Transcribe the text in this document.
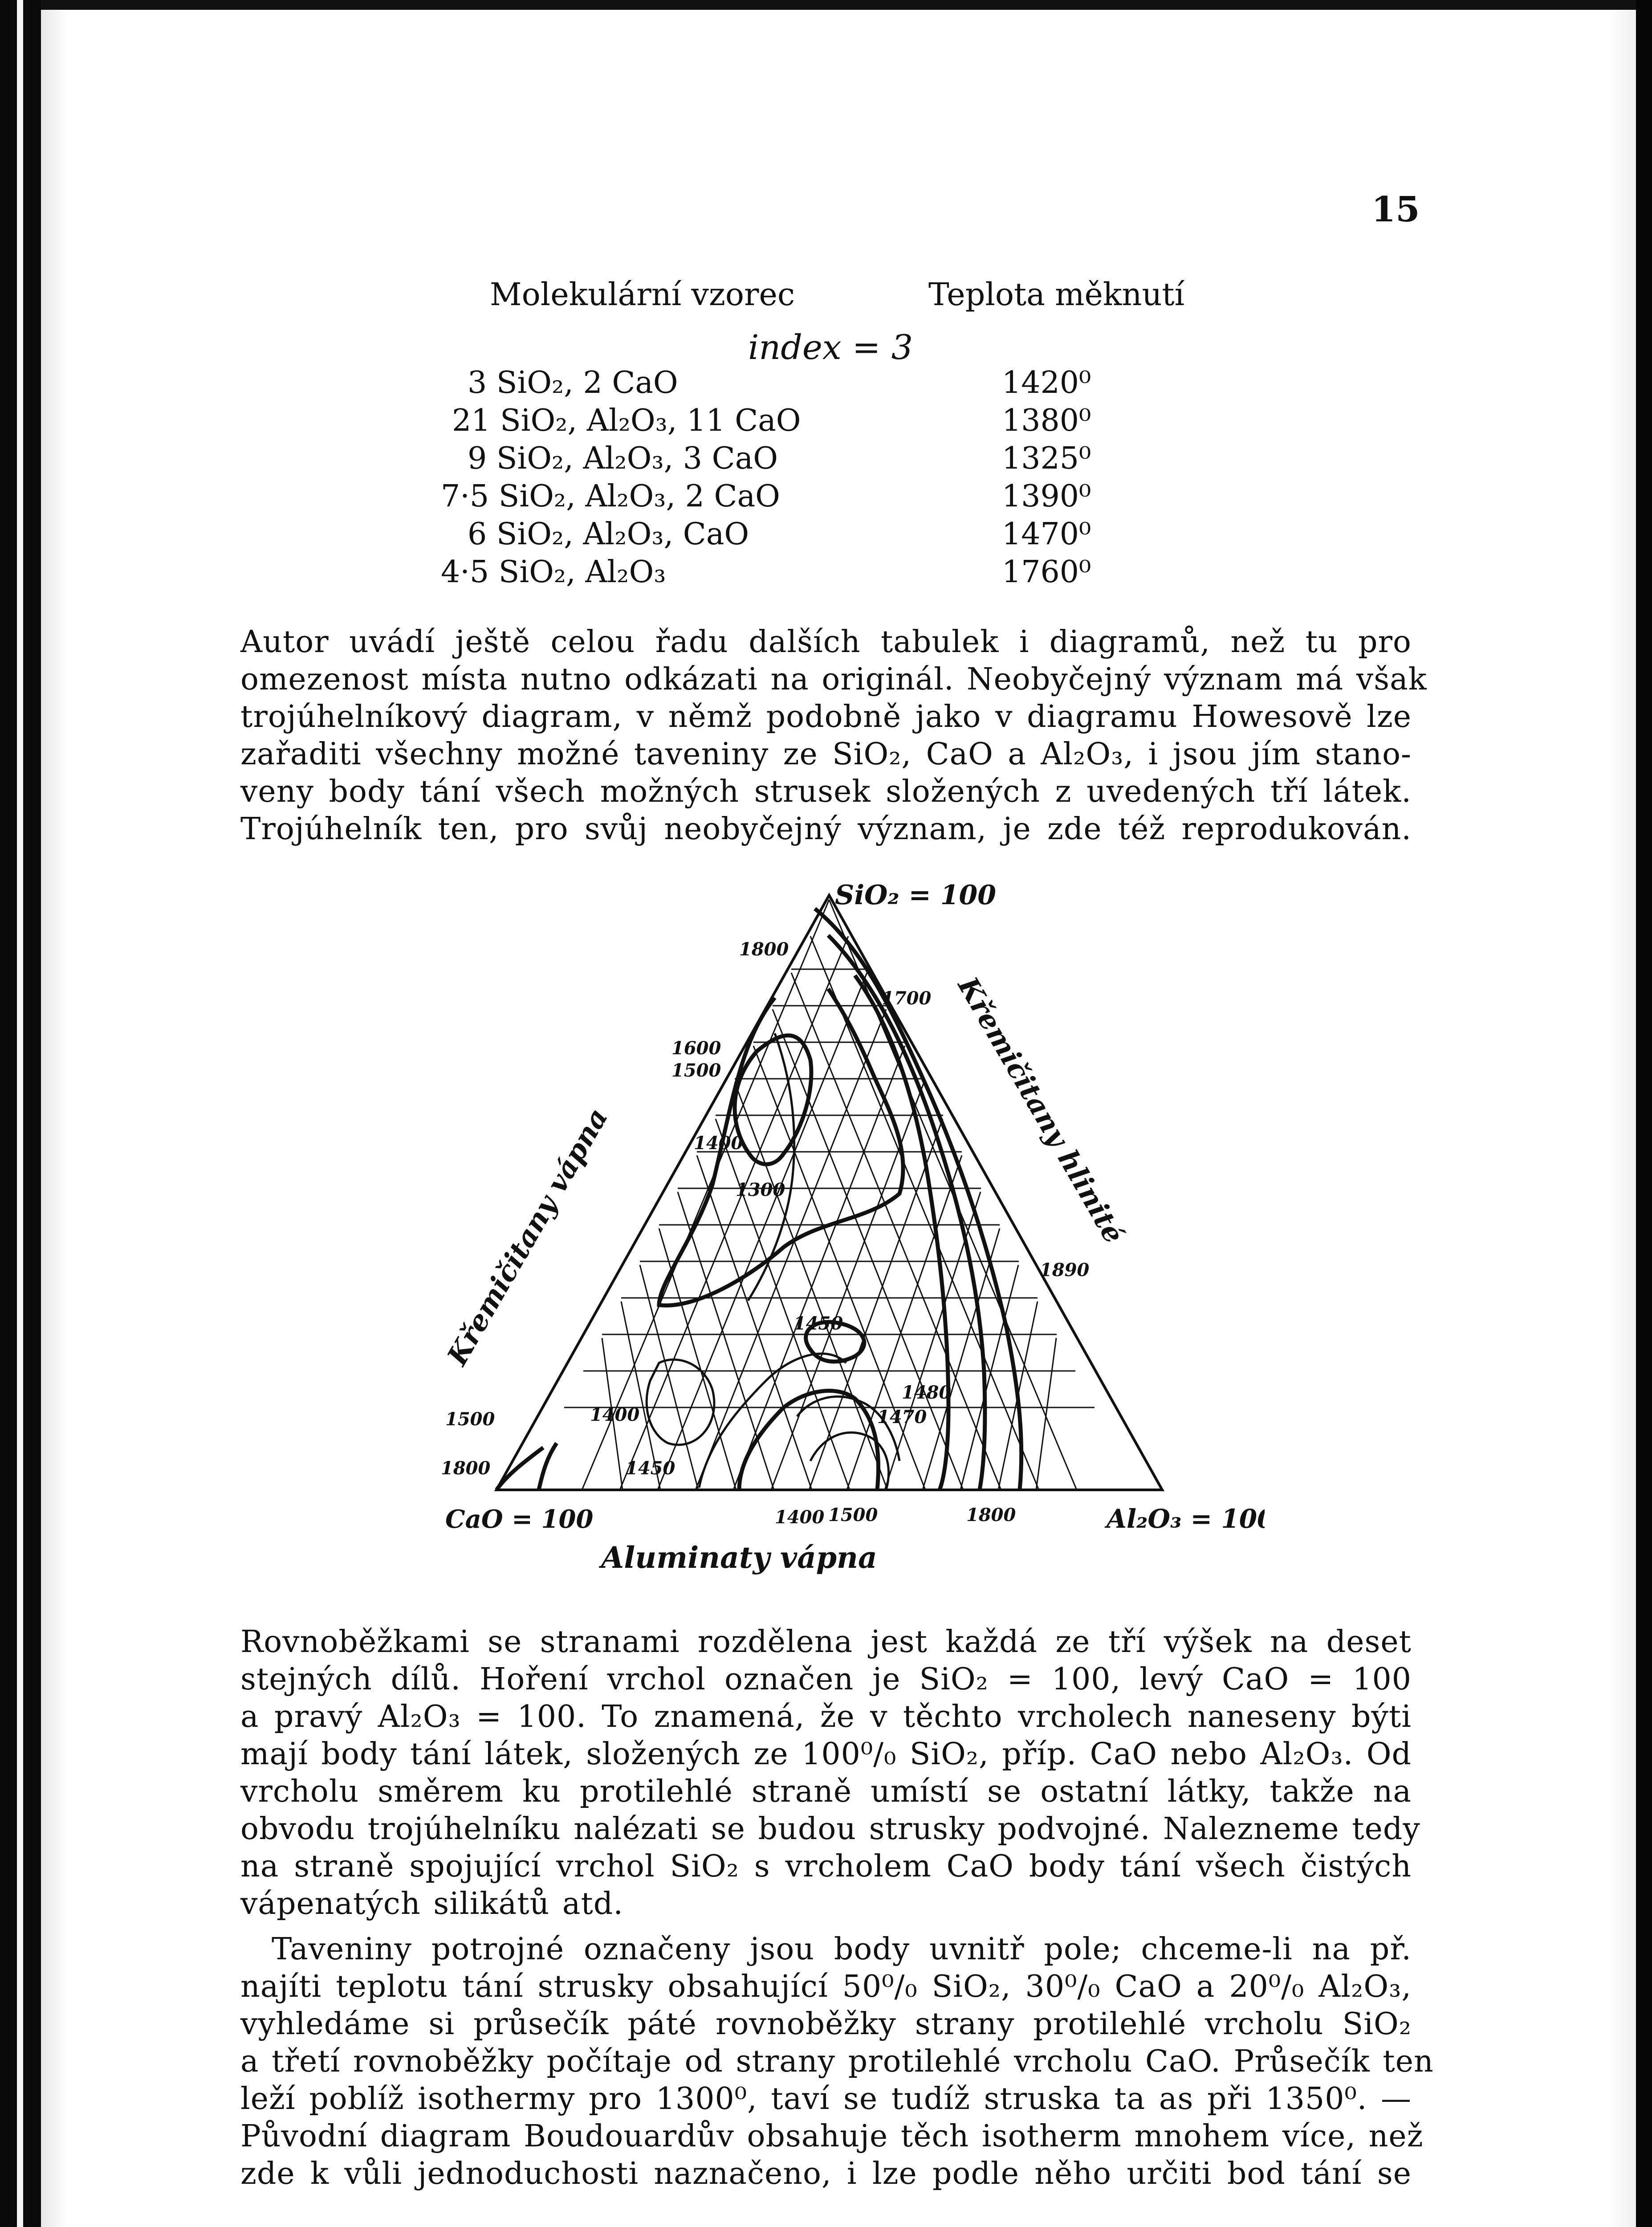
15
Molekulární vzorec	Teplota měknutí
index = 3
3 SiO₂, 2 CaO	1420⁰
21 SiO₂, Al₂O₃, 11 CaO	1380⁰
9 SiO₂, Al₂O₃, 3 CaO	1325⁰
7·5 SiO₂, Al₂O₃, 2 CaO	1390⁰
6 SiO₂, Al₂O₃, CaO	1470⁰
4·5 SiO₂, Al₂O₃	1760⁰
Autor uvádí ještě celou řadu dalších tabulek i diagramů, než tu pro
omezenost místa nutno odkázati na originál. Neobyčejný význam má však
trojúhelníkový diagram, v němž podobně jako v diagramu Howesově lze
zařaditi všechny možné taveniny ze SiO₂, CaO a Al₂O₃, i jsou jím stano-
veny body tání všech možných strusek složených z uvedených tří látek.
Trojúhelník ten, pro svůj neobyčejný význam, je zde též reprodukován.
1800
1700
1600
1500
1400
1300
1890
1450
1480
1470
1400
1450
1500
1800
1400 1500	1800
SiO₂ = 100
CaO = 100	Al₂O₃ = 100
Aluminaty vápna
Křemičitany vápna	Křemičitany hlinité
Rovnoběžkami se stranami rozdělena jest každá ze tří výšek na deset
stejných dílů. Hoření vrchol označen je SiO₂ = 100, levý CaO = 100
a pravý Al₂O₃ = 100. To znamená, že v těchto vrcholech naneseny býti
mají body tání látek, složených ze 100⁰/₀ SiO₂, příp. CaO nebo Al₂O₃. Od
vrcholu směrem ku protilehlé straně umístí se ostatní látky, takže na
obvodu trojúhelníku nalézati se budou strusky podvojné. Nalezneme tedy
na straně spojující vrchol SiO₂ s vrcholem CaO body tání všech čistých
vápenatých silikátů atd.
Taveniny potrojné označeny jsou body uvnitř pole; chceme-li na př.
najíti teplotu tání strusky obsahující 50⁰/₀ SiO₂, 30⁰/₀ CaO a 20⁰/₀ Al₂O₃,
vyhledáme si průsečík páté rovnoběžky strany protilehlé vrcholu SiO₂
a třetí rovnoběžky počítaje od strany protilehlé vrcholu CaO. Průsečík ten
leží poblíž isothermy pro 1300⁰, taví se tudíž struska ta as při 1350⁰. —
Původní diagram Boudouardův obsahuje těch isotherm mnohem více, než
zde k vůli jednoduchosti naznačeno, i lze podle něho určiti bod tání se
